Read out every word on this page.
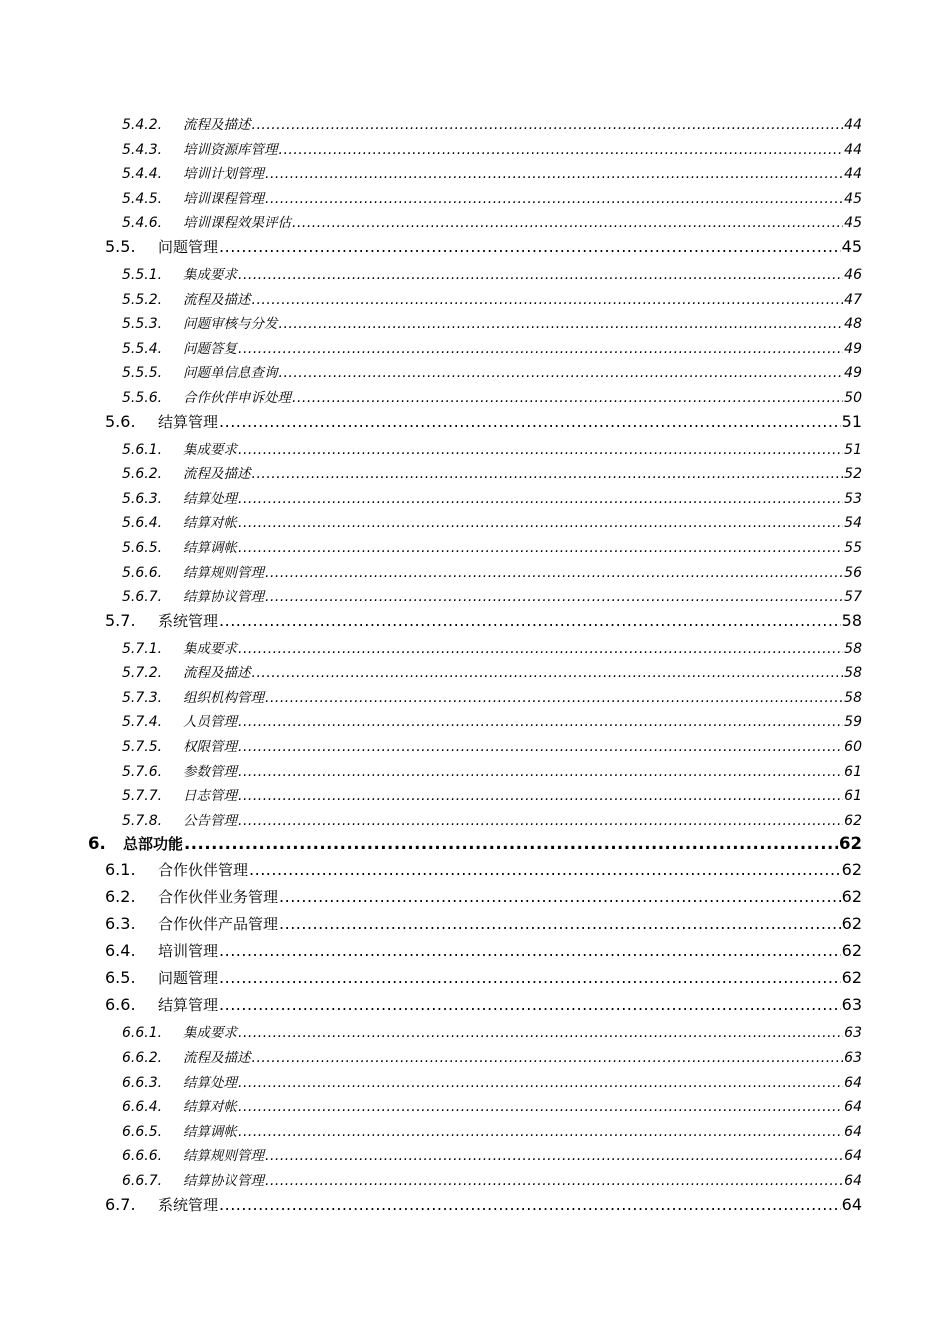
5.4.2.	流程及描述 .....	44
5.4.3.	培训资源库管理 .....	44
5.4.4.	培训计划管理 .....	44
5.4.5.	培训课程管理 .....	45
5.4.6.	培训课程效果评估 .....	45
5.5.	问题管理 .....	45
5.5.1.	集成要求 .....	46
5.5.2.	流程及描述 .....	47
5.5.3.	问题审核与分发 .....	48
5.5.4.	问题答复 .....	49
5.5.5.	问题单信息查询 .....	49
5.5.6.	合作伙伴申诉处理 .....	50
5.6.	结算管理 .....	51
5.6.1.	集成要求 .....	51
5.6.2.	流程及描述 .....	52
5.6.3.	结算处理 .....	53
5.6.4.	结算对帐 .....	54
5.6.5.	结算调帐 .....	55
5.6.6.	结算规则管理 .....	56
5.6.7.	结算协议管理 .....	57
5.7.	系统管理 .....	58
5.7.1.	集成要求 .....	58
5.7.2.	流程及描述 .....	58
5.7.3.	组织机构管理 .....	58
5.7.4.	人员管理 .....	59
5.7.5.	权限管理 .....	60
5.7.6.	参数管理 .....	61
5.7.7.	日志管理 .....	61
5.7.8.	公告管理 .....	62
6.	总部功能 .....	62
6.1.	合作伙伴管理 .....	62
6.2.	合作伙伴业务管理 .....	62
6.3.	合作伙伴产品管理 .....	62
6.4.	培训管理 .....	62
6.5.	问题管理 .....	62
6.6.	结算管理 .....	63
6.6.1.	集成要求 .....	63
6.6.2.	流程及描述 .....	63
6.6.3.	结算处理 .....	64
6.6.4.	结算对帐 .....	64
6.6.5.	结算调帐 .....	64
6.6.6.	结算规则管理 .....	64
6.6.7.	结算协议管理 .....	64
6.7.	系统管理 .....	64
